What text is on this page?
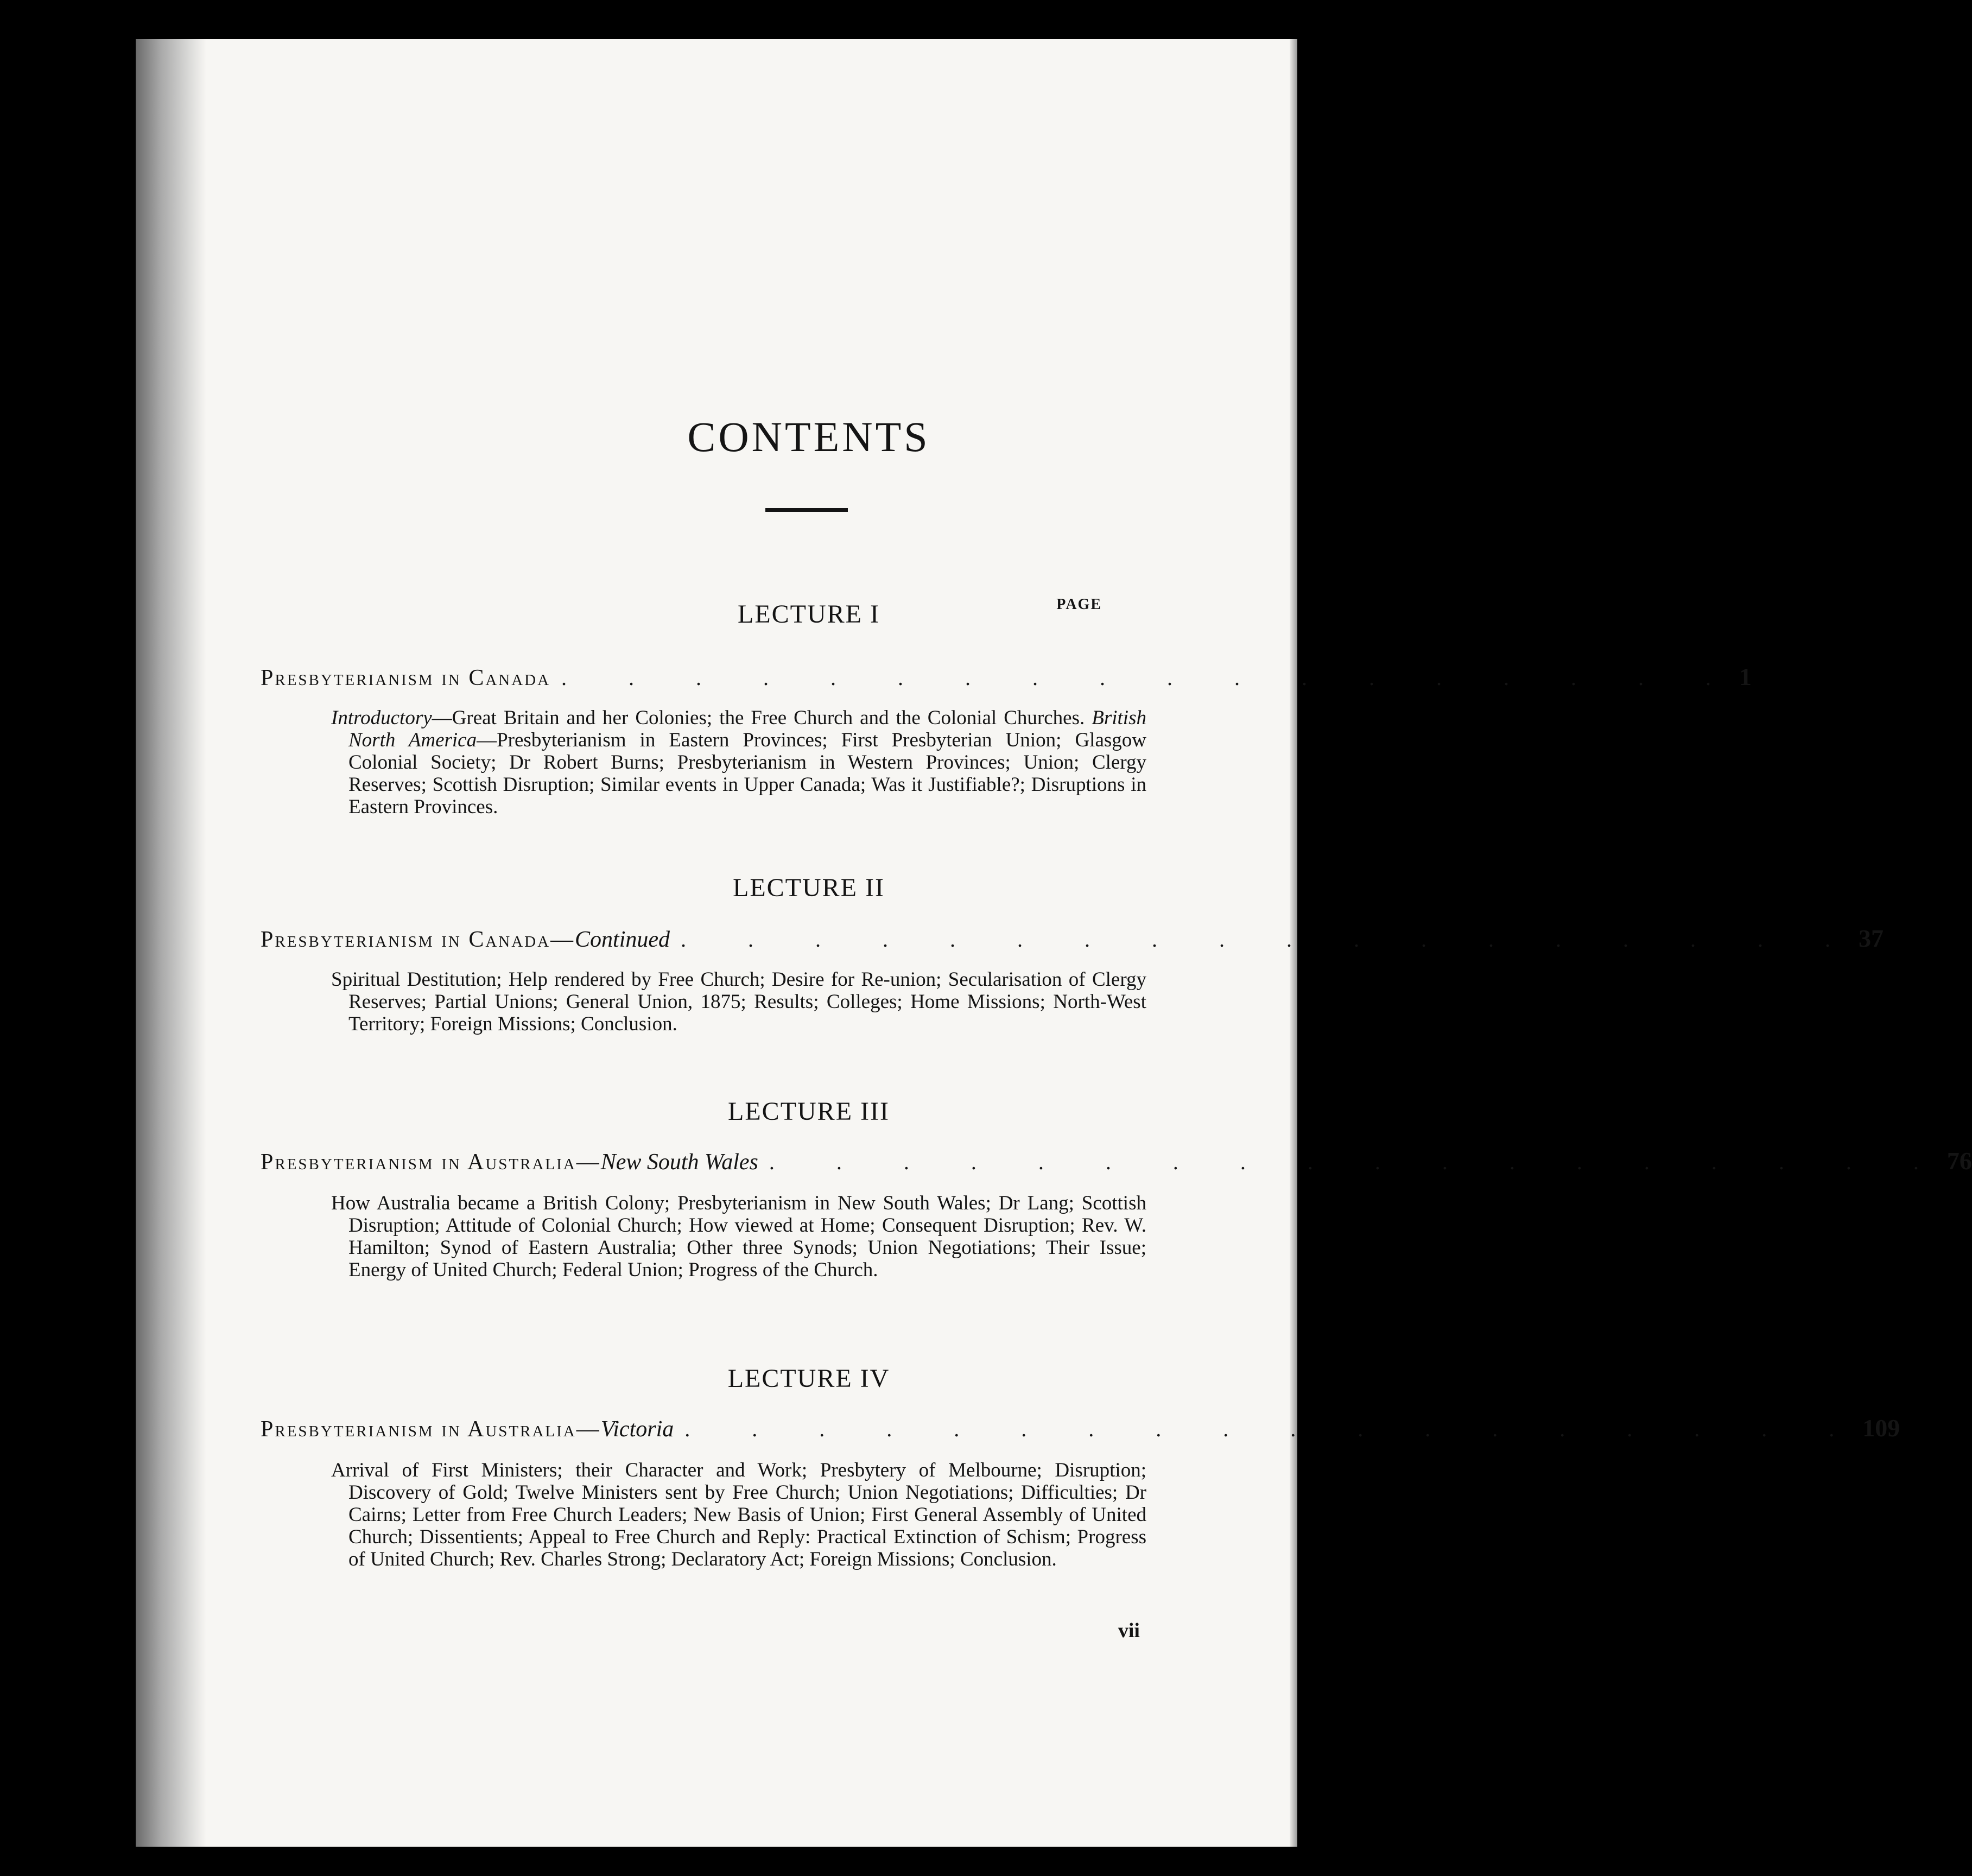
CONTENTS
PAGE
LECTURE I
Presbyterianism in Canada . . . . . . . . . . . . . . . . . . 1

Introductory—Great Britain and her Colonies; the Free Church and the Colonial Churches. British North America—Presbyterianism in Eastern Provinces; First Presbyterian Union; Glasgow Colonial Society; Dr Robert Burns; Presbyterianism in Western Provinces; Union; Clergy Reserves; Scottish Disruption; Similar events in Upper Canada; Was it Justifiable?; Disruptions in Eastern Provinces.

LECTURE II
Presbyterianism in Canada— Continued . . . . . . . . . . . . . . . . . . 37

Spiritual Destitution; Help rendered by Free Church; Desire for Re-union; Secularisation of Clergy Reserves; Partial Unions; General Union, 1875; Results; Colleges; Home Missions; North-West Territory; Foreign Missions; Conclusion.

LECTURE III
Presbyterianism in Australia— New South Wales . . . . . . . . . . . . . . . . . . 76

How Australia became a British Colony; Presbyterianism in New South Wales; Dr Lang; Scottish Disruption; Attitude of Colonial Church; How viewed at Home; Consequent Disruption; Rev. W. Hamilton; Synod of Eastern Australia; Other three Synods; Union Negotiations; Their Issue; Energy of United Church; Federal Union; Progress of the Church.

LECTURE IV
Presbyterianism in Australia— Victoria . . . . . . . . . . . . . . . . . . 109

Arrival of First Ministers; their Character and Work; Presbytery of Melbourne; Disruption; Discovery of Gold; Twelve Ministers sent by Free Church; Union Negotiations; Difficulties; Dr Cairns; Letter from Free Church Leaders; New Basis of Union; First General Assembly of United Church; Dissentients; Appeal to Free Church and Reply: Practical Extinction of Schism; Progress of United Church; Rev. Charles Strong; Declaratory Act; Foreign Missions; Conclusion.

vii
